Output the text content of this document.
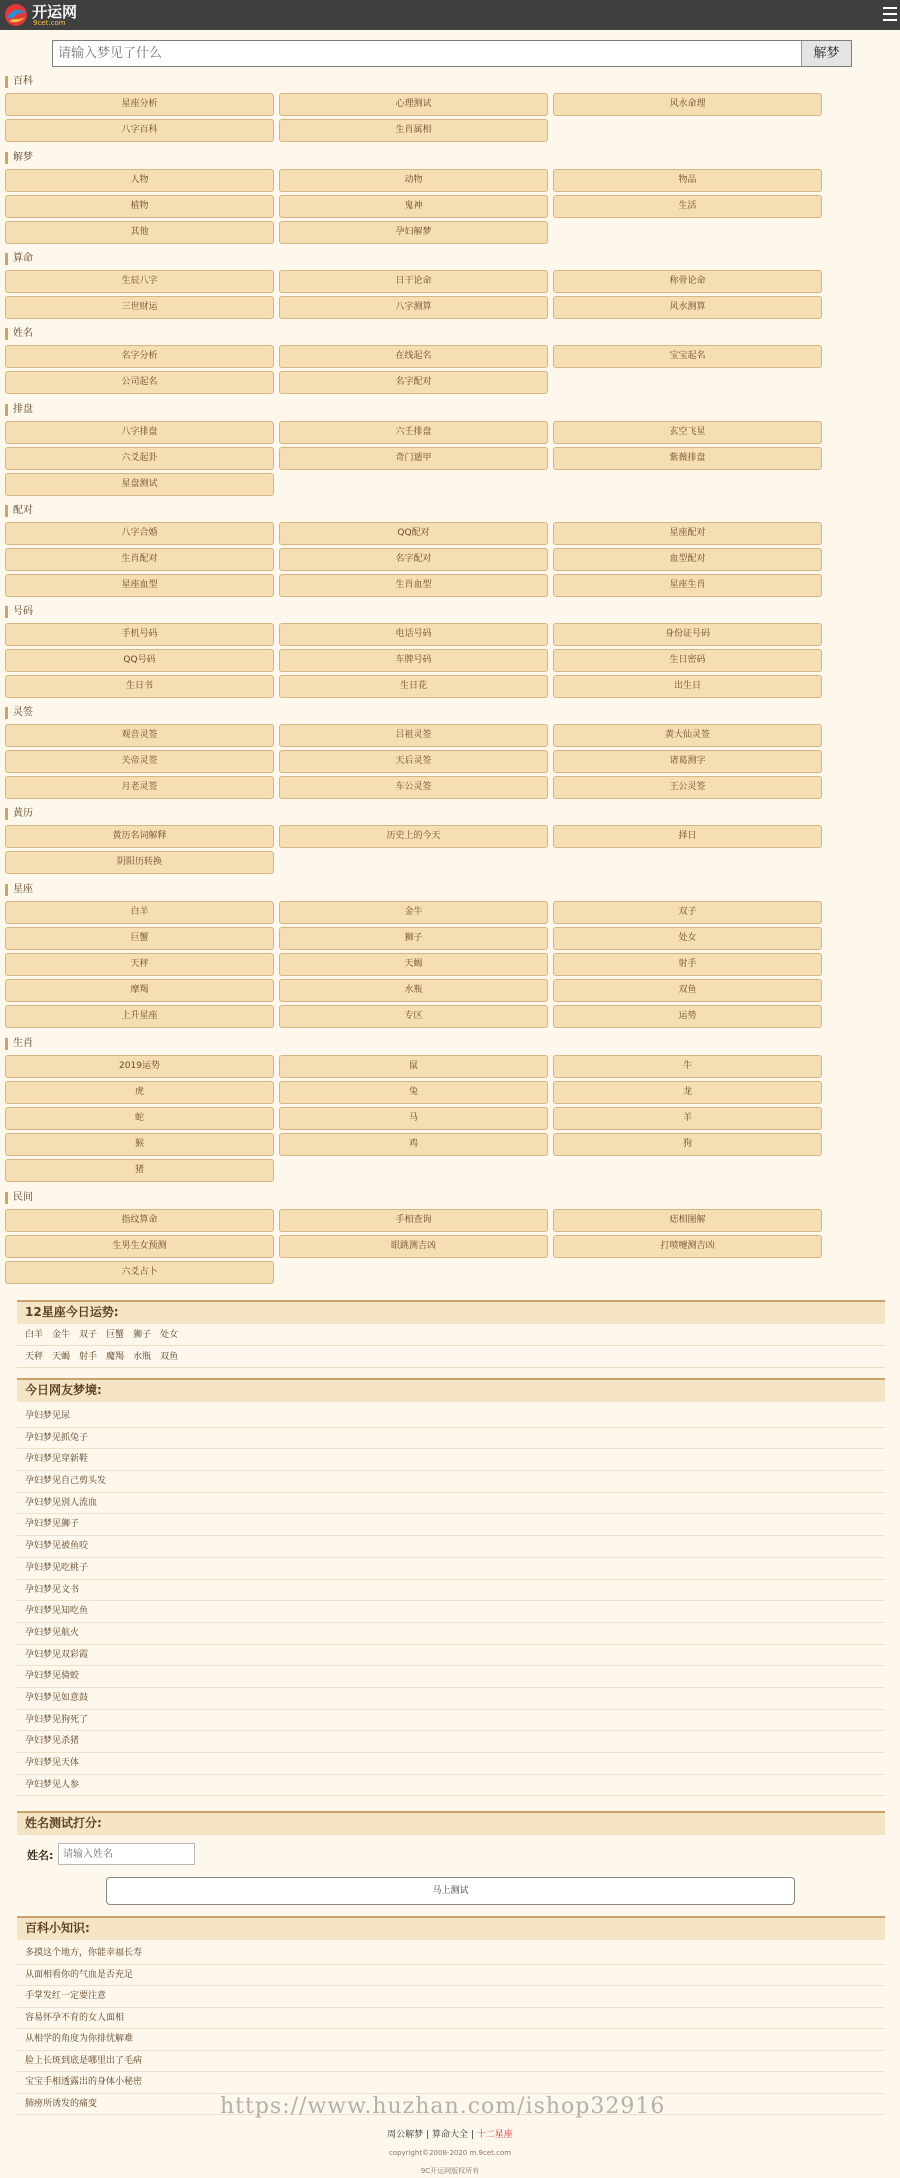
开运网
9cet.com
请输入梦见了什么
解梦
百科
星座分析	心理测试	风水命理
八字百科	生肖属相
解梦
人物	动物	物品
植物	鬼神	生活
其他	孕妇解梦
算命
生辰八字	日干论命	称骨论命
三世财运	八字测算	风水测算
姓名
名字分析	在线起名	宝宝起名
公司起名	名字配对
排盘
八字排盘	六壬排盘	玄空飞星
六爻起卦	奇门遁甲	紫薇排盘
星盘测试
配对
八字合婚	QQ配对	星座配对
生肖配对	名字配对	血型配对
星座血型	生肖血型	星座生肖
号码
手机号码	电话号码	身份证号码
QQ号码	车牌号码	生日密码
生日书	生日花	出生日
灵签
观音灵签	吕祖灵签	黄大仙灵签
关帝灵签	天后灵签	诸葛测字
月老灵签	车公灵签	王公灵签
黄历
黄历名词解释	历史上的今天	择日
阴阳历转换
星座
白羊	金牛	双子
巨蟹	狮子	处女
天秤	天蝎	射手
摩羯	水瓶	双鱼
上升星座	专区	运势
生肖
2019运势	鼠	牛
虎	兔	龙
蛇	马	羊
猴	鸡	狗
猪
民间
指纹算命	手相查询	痣相图解
生男生女预测	眼跳测吉凶	打喷嚏测吉凶
六爻占卜
12星座今日运势:
白羊 金牛 双子 巨蟹 狮子 处女
天秤 天蝎 射手 魔羯 水瓶 双鱼
今日网友梦境:
孕妇梦见尿
孕妇梦见抓兔子
孕妇梦见穿新鞋
孕妇梦见自己剪头发
孕妇梦见别人流血
孕妇梦见狮子
孕妇梦见被鱼咬
孕妇梦见吃桃子
孕妇梦见文书
孕妇梦见知吃鱼
孕妇梦见航火
孕妇梦见双彩霞
孕妇梦见骑蛟
孕妇梦见如意鼓
孕妇梦见狗死了
孕妇梦见杀猪
孕妇梦见天体
孕妇梦见人参
姓名测试打分:
姓名:
请输入姓名
马上测试
百科小知识:
多摸这个地方，你能幸福长寿
从面相看你的气血是否充足
手掌发红一定要注意
容易怀孕不育的女人面相
从相学的角度为你排忧解难
脸上长斑到底是哪里出了毛病
宝宝手相透露出的身体小秘密
肺痨所诱发的痛变	https://www.huzhan.com/ishop32916
周公解梦 | 算命大全 | 十二星座
copyright©2008-2020 m.9cet.com
9C开运网版权所有
